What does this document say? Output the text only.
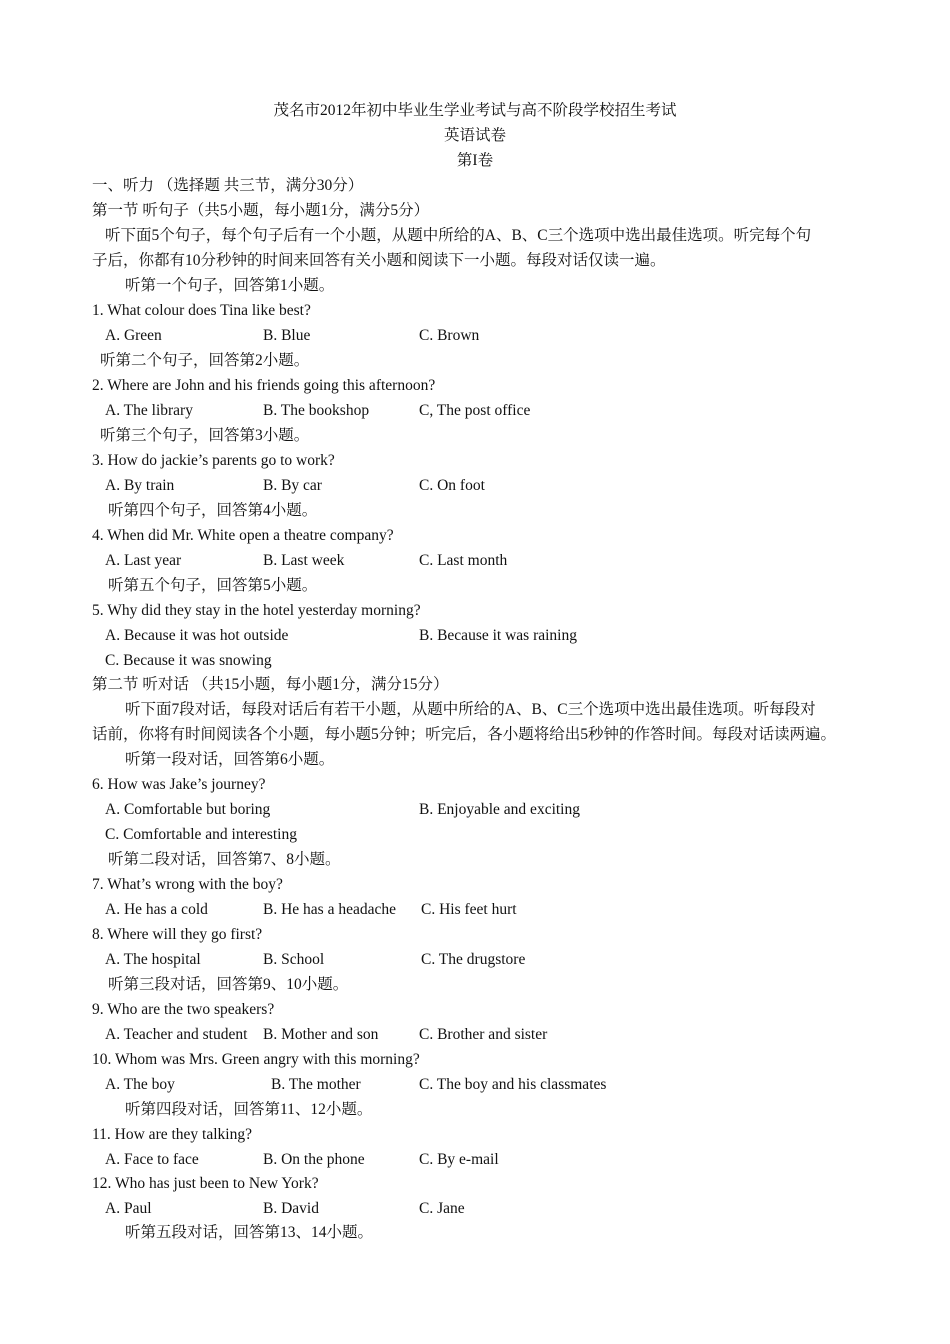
茂名市2012年初中毕业生学业考试与高不阶段学校招生考试
英语试卷
第I卷
一、听力 （选择题 共三节，满分30分）
第一节 听句子（共5小题，每小题1分，满分5分）
听下面5个句子，每个句子后有一个小题，从题中所给的A、B、C三个选项中选出最佳选项。听完每个句
子后，你都有10分秒钟的时间来回答有关小题和阅读下一小题。每段对话仅读一遍。
听第一个句子，回答第1小题。
1. What colour does Tina like best?
A. Green	B. Blue	C. Brown
听第二个句子，回答第2小题。
2. Where are John and his friends going this afternoon?
A. The library	B. The bookshop	C, The post office
听第三个句子，回答第3小题。
3. How do jackie’s parents go to work?
A. By train	B. By car	C. On foot
听第四个句子，回答第4小题。
4. When did Mr. White open a theatre company?
A. Last year	B. Last week	C. Last month
听第五个句子，回答第5小题。
5. Why did they stay in the hotel yesterday morning?
A. Because it was hot outside	B. Because it was raining
C. Because it was snowing
第二节 听对话 （共15小题，每小题1分，满分15分）
听下面7段对话，每段对话后有若干小题，从题中所给的A、B、C三个选项中选出最佳选项。听每段对
话前，你将有时间阅读各个小题，每小题5分钟；听完后，各小题将给出5秒钟的作答时间。每段对话读两遍。
听第一段对话，回答第6小题。
6. How was Jake’s journey?
A. Comfortable but boring	B. Enjoyable and exciting
C. Comfortable and interesting
听第二段对话，回答第7、8小题。
7. What’s wrong with the boy?
A. He has a cold	B. He has a headache C. His feet hurt
8. Where will they go first?
A. The hospital	B. School	C. The drugstore
听第三段对话，回答第9、10小题。
9. Who are the two speakers?
A. Teacher and student B. Mother and son	C. Brother and sister
10. Whom was Mrs. Green angry with this morning?
A. The boy	B. The mother	C. The boy and his classmates
听第四段对话，回答第11、12小题。
11. How are they talking?
A. Face to face	B. On the phone	C. By e-mail
12. Who has just been to New York?
A. Paul	B. David	C. Jane
听第五段对话，回答第13、14小题。
